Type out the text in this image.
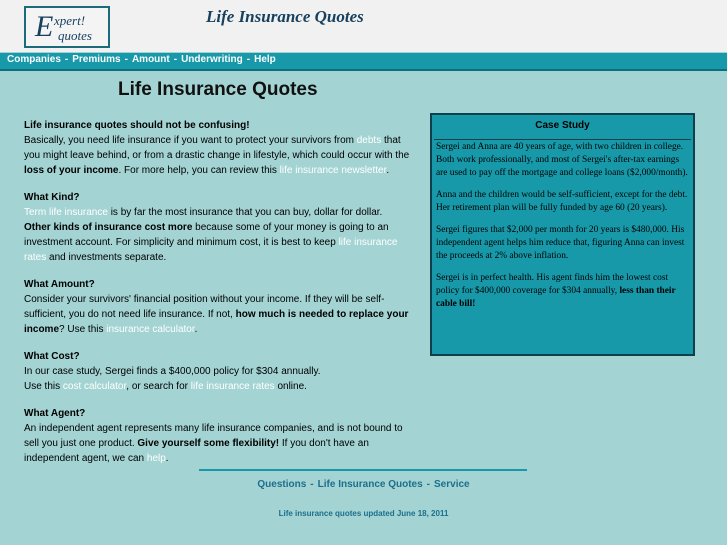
E xpert!
quotes
Life Insurance Quotes
Companies - Premiums - Amount - Underwriting - Help
Life Insurance Quotes
Life insurance quotes should not be confusing!

Basically, you need life insurance if you want to protect your survivors from debts that you might leave behind, or from a drastic change in lifestyle, which could occur with the loss of your income. For more help, you can review this life insurance newsletter.

What Kind?

Term life insurance is by far the most insurance that you can buy, dollar for dollar. Other kinds of insurance cost more because some of your money is going to an investment account. For simplicity and minimum cost, it is best to keep life insurance rates and investments separate.

What Amount?

Consider your survivors' financial position without your income. If they will be self-sufficient, you do not need life insurance. If not, how much is needed to replace your income? Use this insurance calculator.

What Cost?

In our case study, Sergei finds a $400,000 policy for $304 annually.

Use this cost calculator, or search for life insurance rates online.

What Agent?

An independent agent represents many life insurance companies, and is not bound to sell you just one product. Give yourself some flexibility! If you don't have an independent agent, we can help.

Case Study

Sergei and Anna are 40 years of age, with two children in college. Both work professionally, and most of Sergei's after-tax earnings are used to pay off the mortgage and college loans ($2,000/month).

Anna and the children would be self-sufficient, except for the debt. Her retirement plan will be fully funded by age 60 (20 years).

Sergei figures that $2,000 per month for 20 years is $480,000. His independent agent helps him reduce that, figuring Anna can invest the proceeds at 2% above inflation.

Sergei is in perfect health. His agent finds him the lowest cost policy for $400,000 coverage for $304 annually, less than their cable bill!

Questions - Life Insurance Quotes - Service
Life insurance quotes updated June 18, 2011
